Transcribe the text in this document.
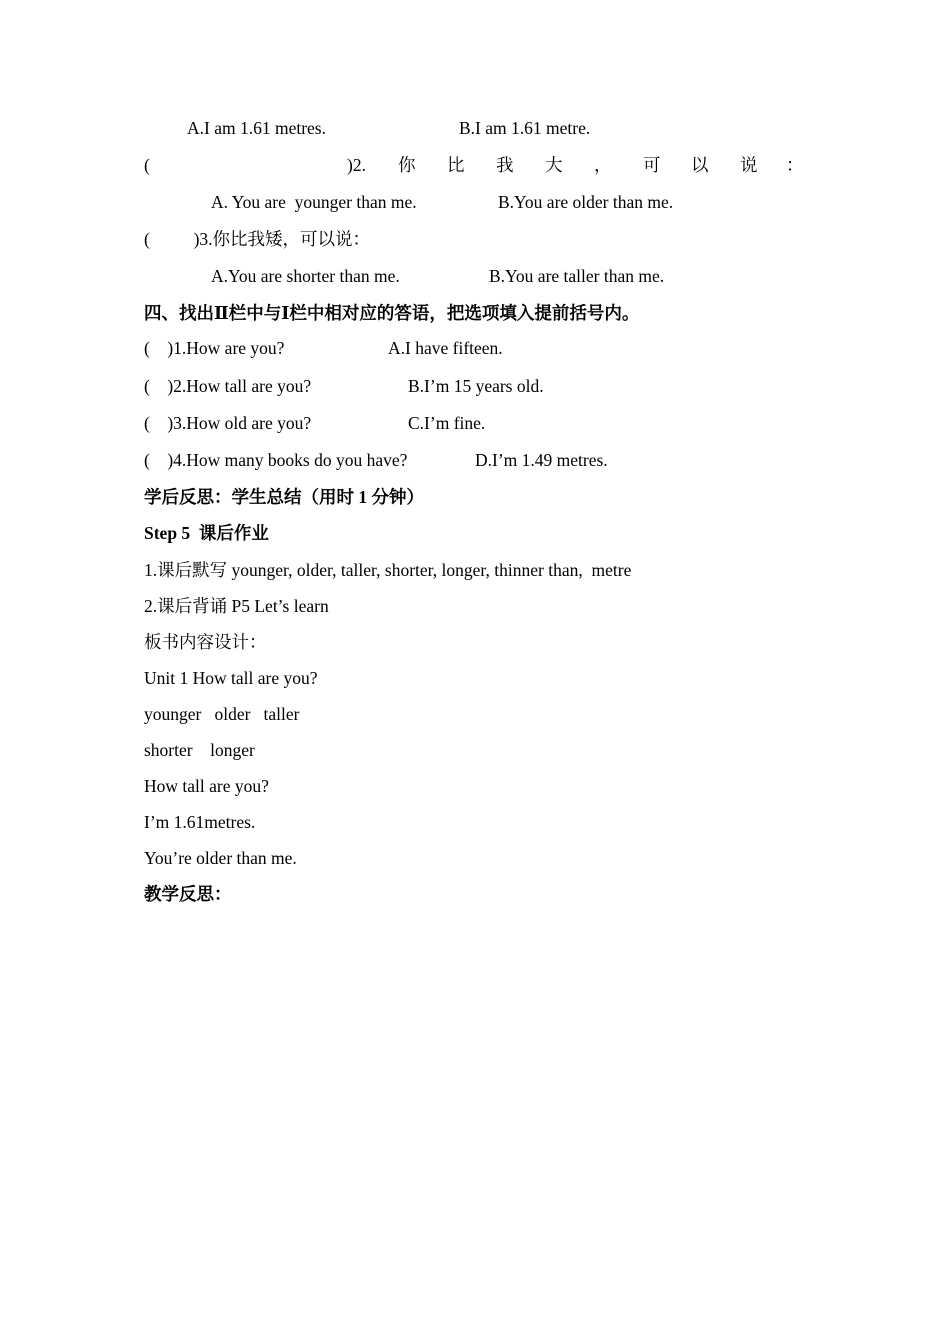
A.I am 1.61 metres.	B.I am 1.61 metre.
(	)2. 你 比 我 大 ， 可 以 说 ：
A. You are  younger than me.	B.You are older than me.
(          )3.你比我矮，可以说：
A.You are shorter than me.	B.You are taller than me.
四、找出Ⅱ栏中与Ⅰ栏中相对应的答语，把选项填入提前括号内。
(    )1.How are you?	A.I have fifteen.
(    )2.How tall are you?	B.I’m 15 years old.
(    )3.How old are you?	C.I’m fine.
(    )4.How many books do you have?	D.I’m 1.49 metres.
学后反思：学生总结（用时 1 分钟）
Step 5  课后作业
1.课后默写 younger, older, taller, shorter, longer, thinner than,  metre
2.课后背诵 P5 Let’s learn
板书内容设计：
Unit 1 How tall are you?
younger   older   taller
shorter    longer
How tall are you?
I’m 1.61metres.
You’re older than me.
教学反思：
